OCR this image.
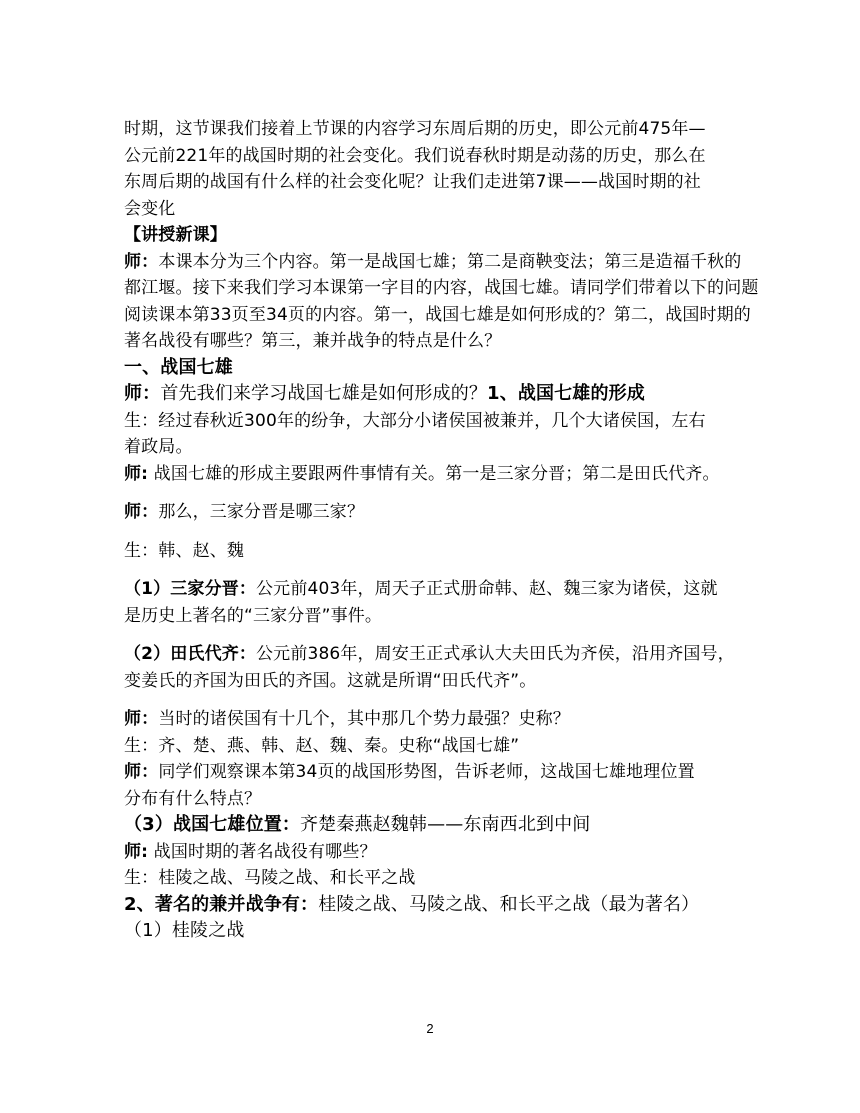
时期，这节课我们接着上节课的内容学习东周后期的历史，即公元前475年—
公元前221年的战国时期的社会变化。我们说春秋时期是动荡的历史，那么在
东周后期的战国有什么样的社会变化呢？让我们走进第7课——战国时期的社
会变化
【讲授新课】
师：本课本分为三个内容。第一是战国七雄；第二是商鞅变法；第三是造福千秋的
都江堰。接下来我们学习本课第一字目的内容，战国七雄。请同学们带着以下的问题
阅读课本第33页至34页的内容。第一，战国七雄是如何形成的？第二，战国时期的
著名战役有哪些？第三，兼并战争的特点是什么？
一、战国七雄
师：首先我们来学习战国七雄是如何形成的？1、战国七雄的形成
生：经过春秋近300年的纷争，大部分小诸侯国被兼并，几个大诸侯国，左右
着政局。
师: 战国七雄的形成主要跟两件事情有关。第一是三家分晋；第二是田氏代齐。
师：那么，三家分晋是哪三家？
生：韩、赵、魏
（1）三家分晋：公元前403年，周天子正式册命韩、赵、魏三家为诸侯，这就
是历史上著名的“三家分晋”事件。
（2）田氏代齐：公元前386年，周安王正式承认大夫田氏为齐侯，沿用齐国号，
变姜氏的齐国为田氏的齐国。这就是所谓“田氏代齐”。
师：当时的诸侯国有十几个，其中那几个势力最强？史称？
生：齐、楚、燕、韩、赵、魏、秦。史称“战国七雄”
师：同学们观察课本第34页的战国形势图，告诉老师，这战国七雄地理位置
分布有什么特点？
（3）战国七雄位置：齐楚秦燕赵魏韩——东南西北到中间
师: 战国时期的著名战役有哪些？
生：桂陵之战、马陵之战、和长平之战
2、著名的兼并战争有：桂陵之战、马陵之战、和长平之战（最为著名）
（1）桂陵之战
2
